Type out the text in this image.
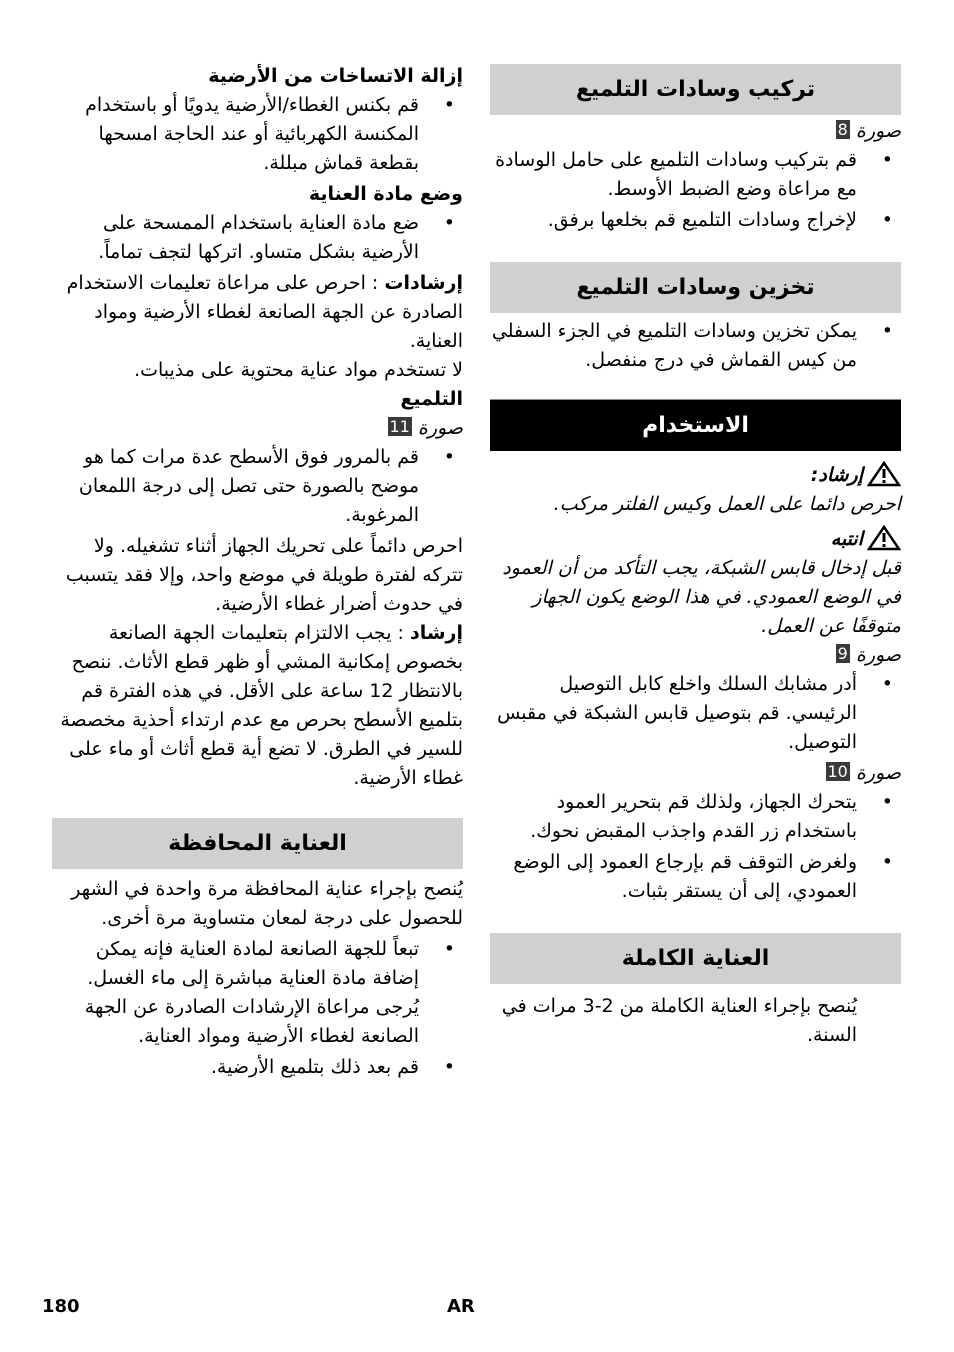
تركيب وسادات التلميع
صورة 8
•
قم بتركيب وسادات التلميع على حامل الوسادة مع مراعاة وضع الضبط الأوسط.
•
لإخراج وسادات التلميع قم بخلعها برفق.
تخزين وسادات التلميع
•
يمكن تخزين وسادات التلميع في الجزء السفلي من كيس القماش في درج منفصل.
الاستخدام

إرشاد:

احرص دائما على العمل وكيس الفلتر مركب.

انتبه

قبل إدخال قابس الشبكة، يجب التأكد من أن العمود في الوضع العمودي. في هذا الوضع يكون الجهاز متوقفًا عن العمل.

صورة 9
•
أدر مشابك السلك واخلع كابل التوصيل الرئيسي. قم بتوصيل قابس الشبكة في مقبس التوصيل.
صورة 10
•
يتحرك الجهاز، ولذلك قم بتحرير العمود باستخدام زر القدم واجذب المقبض نحوك.
•
ولغرض التوقف قم بإرجاع العمود إلى الوضع العمودي، إلى أن يستقر بثبات.
العناية الكاملة

يُنصح بإجراء العناية الكاملة من 2-3 مرات في السنة.

إزالة الاتساخات من الأرضية

•
قم بكنس الغطاء/الأرضية يدويًا أو باستخدام المكنسة الكهربائية أو عند الحاجة امسحها بقطعة قماش مبللة.

وضع مادة العناية

•
ضع مادة العناية باستخدام الممسحة على الأرضية بشكل متساو. اتركها لتجف تماماً.

إرشادات : احرص على مراعاة تعليمات الاستخدام الصادرة عن الجهة الصانعة لغطاء الأرضية ومواد العناية.

لا تستخدم مواد عناية محتوية على مذيبات.

التلميع

صورة 11
•
قم بالمرور فوق الأسطح عدة مرات كما هو موضح بالصورة حتى تصل إلى درجة اللمعان المرغوبة.

احرص دائماً على تحريك الجهاز أثناء تشغيله. ولا تتركه لفترة طويلة في موضع واحد، وإلا فقد يتسبب في حدوث أضرار غطاء الأرضية.

إرشاد : يجب الالتزام بتعليمات الجهة الصانعة بخصوص إمكانية المشي أو ظهر قطع الأثاث. ننصح بالانتظار 12 ساعة على الأقل. في هذه الفترة قم بتلميع الأسطح بحرص مع عدم ارتداء أحذية مخصصة للسير في الطرق. لا تضع أية قطع أثاث أو ماء على غطاء الأرضية.

العناية المحافظة

يُنصح بإجراء عناية المحافظة مرة واحدة في الشهر للحصول على درجة لمعان متساوية مرة أخرى.

•
تبعاً للجهة الصانعة لمادة العناية فإنه يمكن إضافة مادة العناية مباشرة إلى ماء الغسل. يُرجى مراعاة الإرشادات الصادرة عن الجهة الصانعة لغطاء الأرضية ومواد العناية.
•
قم بعد ذلك بتلميع الأرضية.
180	AR
